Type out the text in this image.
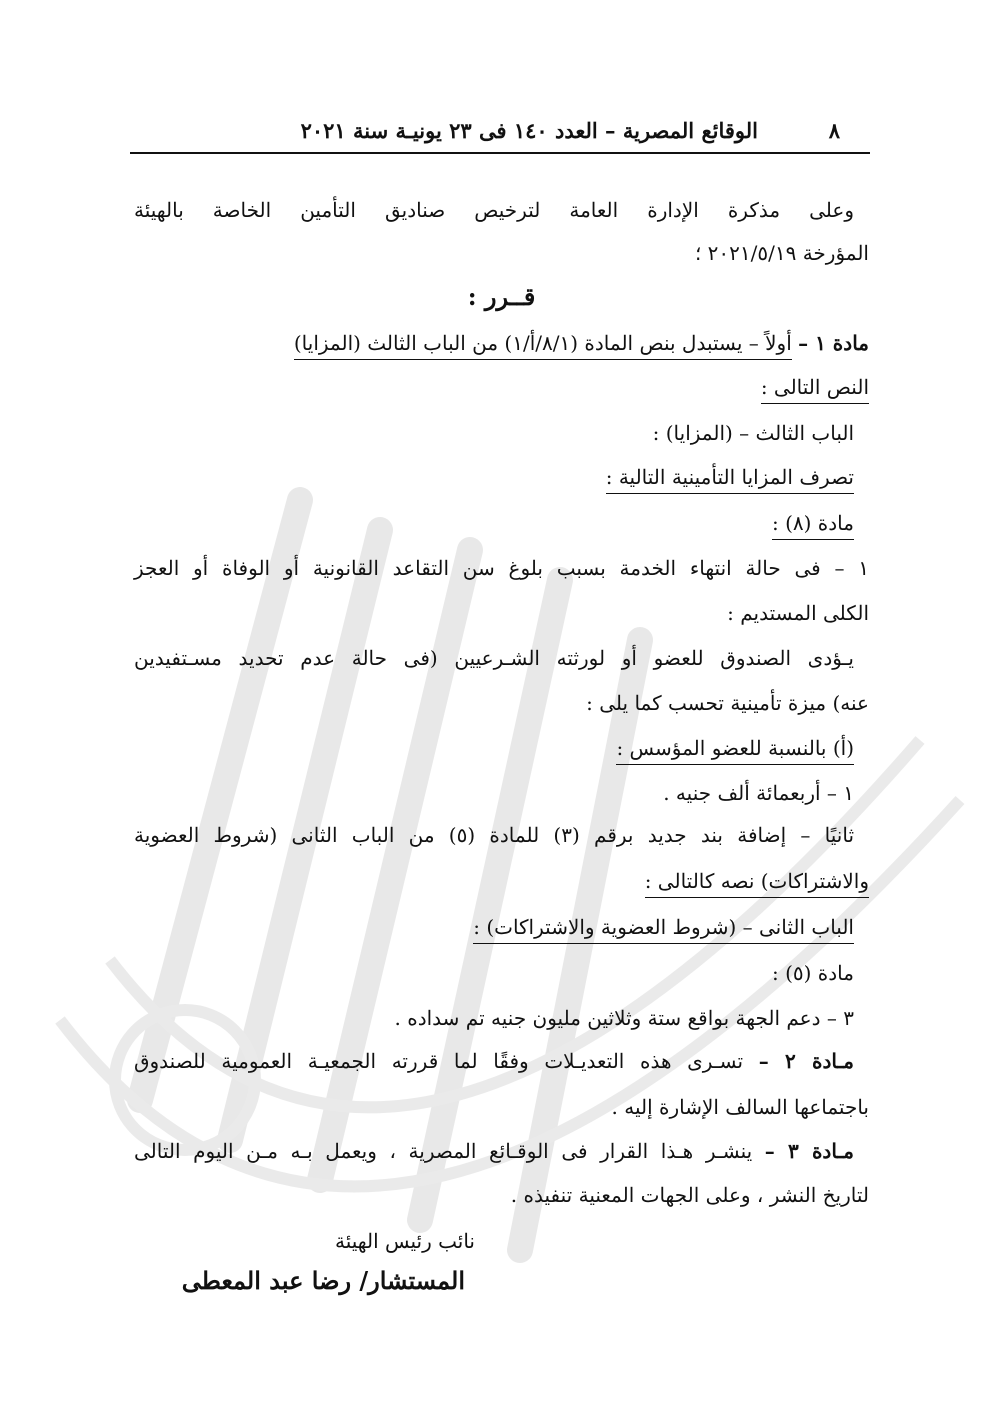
٨
الوقائع المصرية – العدد ١٤٠ فى ٢٣ يونيـة سنة ٢٠٢١
وعلى مذكرة الإدارة العامة لترخيص صناديق التأمين الخاصة بالهيئة
المؤرخة ٢٠٢١/٥/١٩ ؛
قــرر :
مادة ١ – أولاً – يستبدل بنص المادة (٨/١/أ/١) من الباب الثالث (المزايا)
النص التالى :
الباب الثالث – (المزايا) :
تصرف المزايا التأمينية التالية :
مادة (٨) :
١ – فى حالة انتهاء الخدمة بسبب بلوغ سن التقاعد القانونية أو الوفاة أو العجز
الكلى المستديم :
يـؤدى الصندوق للعضو أو لورثته الشـرعيين (فى حالة عدم تحديد مسـتفيدين
عنه) ميزة تأمينية تحسب كما يلى :
(أ) بالنسبة للعضو المؤسس :
١ – أربعمائة ألف جنيه .
ثانيًا – إضافة بند جديد برقم (٣) للمادة (٥) من الباب الثانى (شروط العضوية
والاشتراكات) نصه كالتالى :
الباب الثانى – (شروط العضوية والاشتراكات) :
مادة (٥) :
٣ – دعم الجهة بواقع ستة وثلاثين مليون جنيه تم سداده .
مـادة ٢ – تسـرى هذه التعديـلات وفقًا لما قررته الجمعيـة العمومية للصندوق
باجتماعها السالف الإشارة إليه .
مـادة ٣ – ينشـر هـذا القرار فى الوقـائع المصرية ، ويعمل بـه مـن اليوم التالى
لتاريخ النشر ، وعلى الجهات المعنية تنفيذه .
نائب رئيس الهيئة
المستشار/ رضا عبد المعطى
